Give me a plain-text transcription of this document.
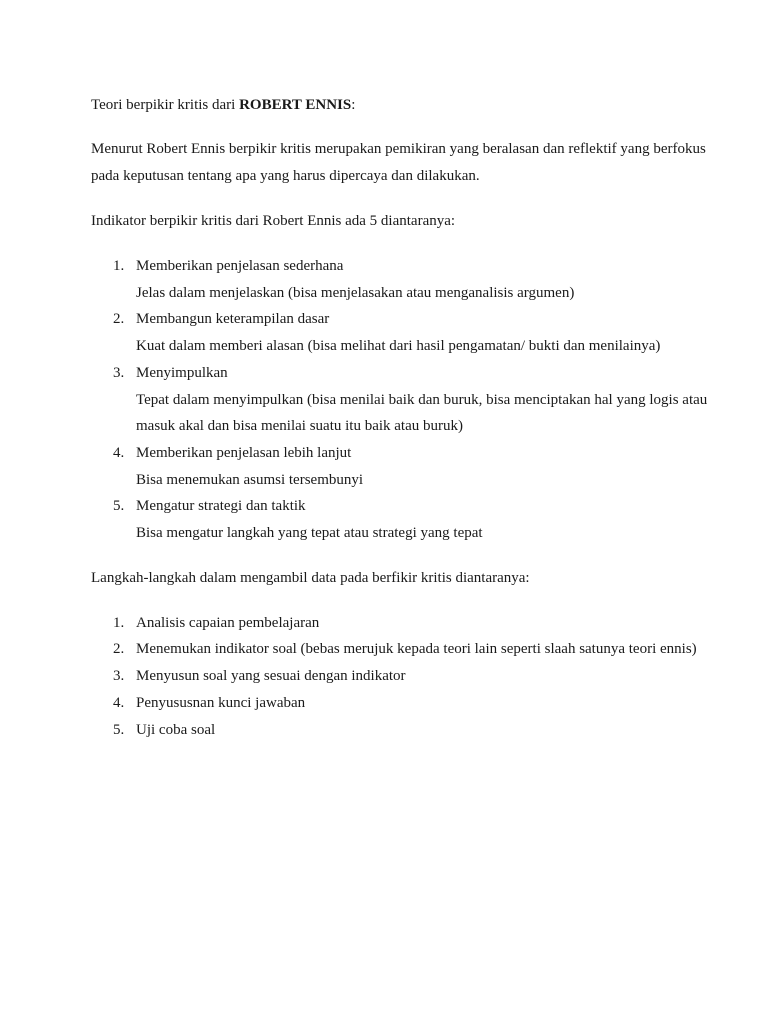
Teori berpikir kritis dari ROBERT ENNIS:

Menurut Robert Ennis berpikir kritis merupakan pemikiran yang beralasan dan reflektif yang berfokus pada keputusan tentang apa yang harus dipercaya dan dilakukan.

Indikator berpikir kritis dari Robert Ennis ada 5 diantaranya:

1. Memberikan penjelasan sederhana
Jelas dalam menjelaskan (bisa menjelasakan atau menganalisis argumen)
2. Membangun keterampilan dasar
Kuat dalam memberi alasan (bisa melihat dari hasil pengamatan/ bukti dan menilainya)
3. Menyimpulkan
Tepat dalam menyimpulkan (bisa menilai baik dan buruk, bisa menciptakan hal yang logis atau masuk akal dan bisa menilai suatu itu baik atau buruk)
4. Memberikan penjelasan lebih lanjut
Bisa menemukan asumsi tersembunyi
5. Mengatur strategi dan taktik
Bisa mengatur langkah yang tepat atau strategi yang tepat

Langkah-langkah dalam mengambil data pada berfikir kritis diantaranya:

1. Analisis capaian pembelajaran
2. Menemukan indikator soal (bebas merujuk kepada teori lain seperti slaah satunya teori ennis)
3. Menyusun soal yang sesuai dengan indikator
4. Penyususnan kunci jawaban
5. Uji coba soal
